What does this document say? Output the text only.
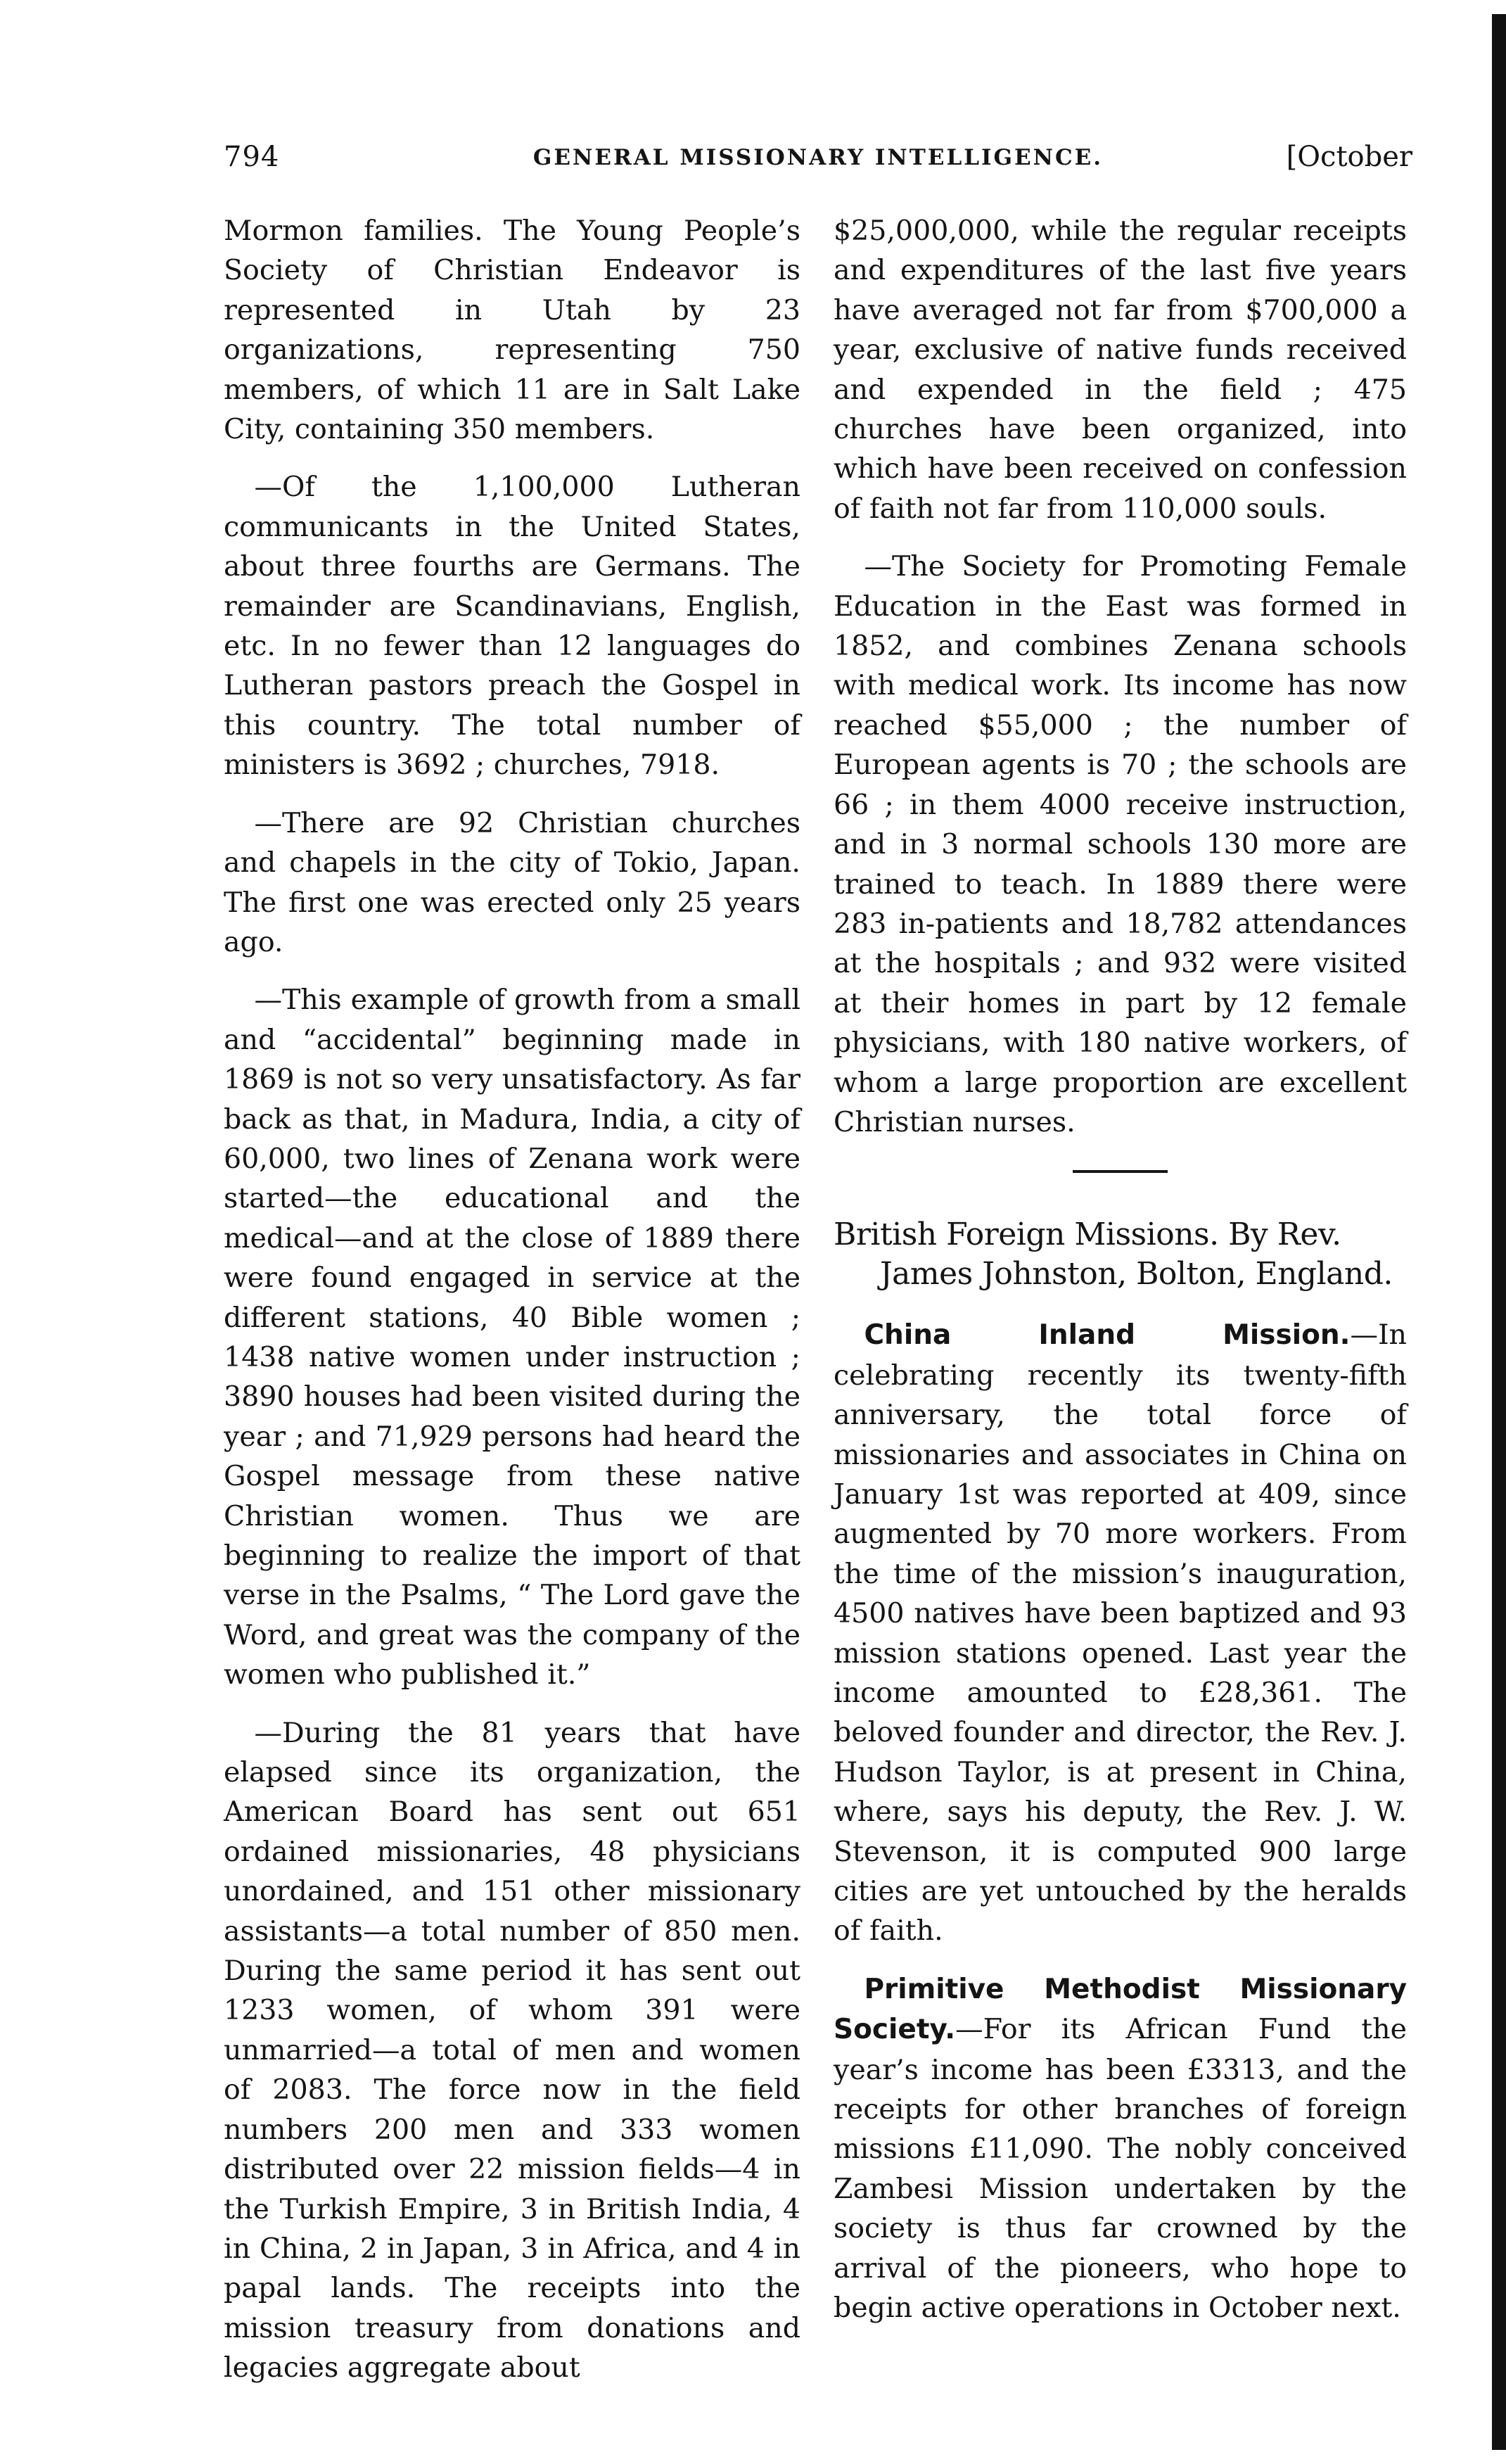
794	GENERAL MISSIONARY INTELLIGENCE.	[October

Mormon families. The Young People’s Society of Christian Endeavor is represented in Utah by 23 organizations, representing 750 members, of which 11 are in Salt Lake City, containing 350 members.

—Of the 1,100,000 Lutheran communicants in the United States, about three fourths are Germans. The remainder are Scandinavians, English, etc. In no fewer than 12 languages do Lutheran pastors preach the Gospel in this country. The total number of ministers is 3692 ; churches, 7918.

—There are 92 Christian churches and chapels in the city of Tokio, Japan. The first one was erected only 25 years ago.

—This example of growth from a small and “accidental” beginning made in 1869 is not so very unsatisfactory. As far back as that, in Madura, India, a city of 60,000, two lines of Zenana work were started—the educational and the medical—and at the close of 1889 there were found engaged in service at the different stations, 40 Bible women ; 1438 native women under instruction ; 3890 houses had been visited during the year ; and 71,929 persons had heard the Gospel message from these native Christian women. Thus we are beginning to realize the import of that verse in the Psalms, “ The Lord gave the Word, and great was the company of the women who published it.”

—During the 81 years that have elapsed since its organization, the American Board has sent out 651 ordained missionaries, 48 physicians unordained, and 151 other missionary assistants—a total number of 850 men. During the same period it has sent out 1233 women, of whom 391 were unmarried—a total of men and women of 2083. The force now in the field numbers 200 men and 333 women distributed over 22 mission fields—4 in the Turkish Empire, 3 in British India, 4 in China, 2 in Japan, 3 in Africa, and 4 in papal lands. The receipts into the mission treasury from donations and legacies aggregate about

$25,000,000, while the regular receipts and expenditures of the last five years have averaged not far from $700,000 a year, exclusive of native funds received and expended in the field ; 475 churches have been organized, into which have been received on confession of faith not far from 110,000 souls.

—The Society for Promoting Female Education in the East was formed in 1852, and combines Zenana schools with medical work. Its income has now reached $55,000 ; the number of European agents is 70 ; the schools are 66 ; in them 4000 receive instruction, and in 3 normal schools 130 more are trained to teach. In 1889 there were 283 in-patients and 18,782 attendances at the hospitals ; and 932 were visited at their homes in part by 12 female physicians, with 180 native workers, of whom a large proportion are excellent Christian nurses.

British Foreign Missions. By Rev. James Johnston, Bolton, England.

China Inland Mission.—In celebrating recently its twenty-fifth anniversary, the total force of missionaries and associates in China on January 1st was reported at 409, since augmented by 70 more workers. From the time of the mission’s inauguration, 4500 natives have been baptized and 93 mission stations opened. Last year the income amounted to £28,361. The beloved founder and director, the Rev. J. Hudson Taylor, is at present in China, where, says his deputy, the Rev. J. W. Stevenson, it is computed 900 large cities are yet untouched by the heralds of faith.

Primitive Methodist Missionary Society.—For its African Fund the year’s income has been £3313, and the receipts for other branches of foreign missions £11,090. The nobly conceived Zambesi Mission undertaken by the society is thus far crowned by the arrival of the pioneers, who hope to begin active operations in October next.
